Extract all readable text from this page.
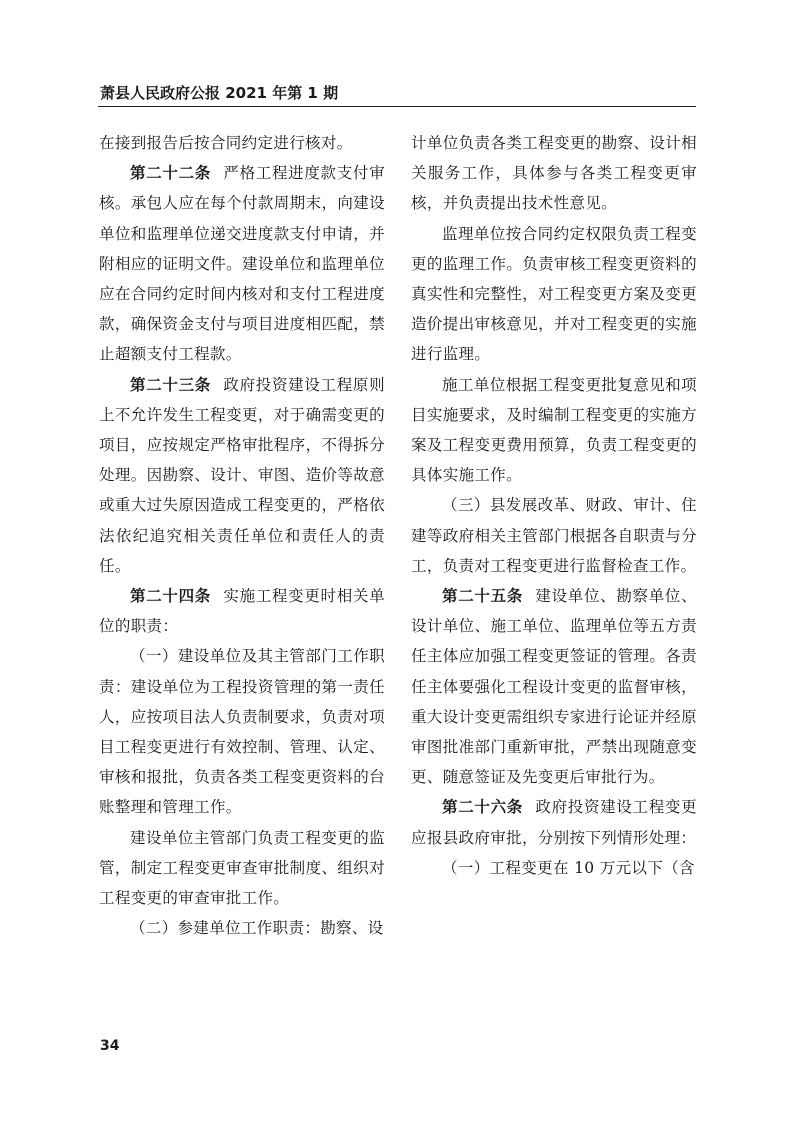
萧县人民政府公报 2021 年第 1 期

在接到报告后按合同约定进行核对。

第二十二条 严格工程进度款支付审核。承包人应在每个付款周期末，向建设单位和监理单位递交进度款支付申请，并附相应的证明文件。建设单位和监理单位应在合同约定时间内核对和支付工程进度款，确保资金支付与项目进度相匹配，禁止超额支付工程款。

第二十三条 政府投资建设工程原则上不允许发生工程变更，对于确需变更的项目，应按规定严格审批程序，不得拆分处理。因勘察、设计、审图、造价等故意或重大过失原因造成工程变更的，严格依法依纪追究相关责任单位和责任人的责任。

第二十四条 实施工程变更时相关单位的职责：

（一）建设单位及其主管部门工作职责：建设单位为工程投资管理的第一责任人，应按项目法人负责制要求，负责对项目工程变更进行有效控制、管理、认定、审核和报批，负责各类工程变更资料的台账整理和管理工作。

建设单位主管部门负责工程变更的监管，制定工程变更审查审批制度、组织对工程变更的审查审批工作。

（二）参建单位工作职责：勘察、设

计单位负责各类工程变更的勘察、设计相关服务工作，具体参与各类工程变更审核，并负责提出技术性意见。

监理单位按合同约定权限负责工程变更的监理工作。负责审核工程变更资料的真实性和完整性，对工程变更方案及变更造价提出审核意见，并对工程变更的实施进行监理。

施工单位根据工程变更批复意见和项目实施要求，及时编制工程变更的实施方案及工程变更费用预算，负责工程变更的具体实施工作。

（三）县发展改革、财政、审计、住建等政府相关主管部门根据各自职责与分工，负责对工程变更进行监督检查工作。

第二十五条 建设单位、勘察单位、设计单位、施工单位、监理单位等五方责任主体应加强工程变更签证的管理。各责任主体要强化工程设计变更的监督审核，重大设计变更需组织专家进行论证并经原审图批准部门重新审批，严禁出现随意变更、随意签证及先变更后审批行为。

第二十六条 政府投资建设工程变更应报县政府审批，分别按下列情形处理：

（一）工程变更在 10 万元以下（含

34
